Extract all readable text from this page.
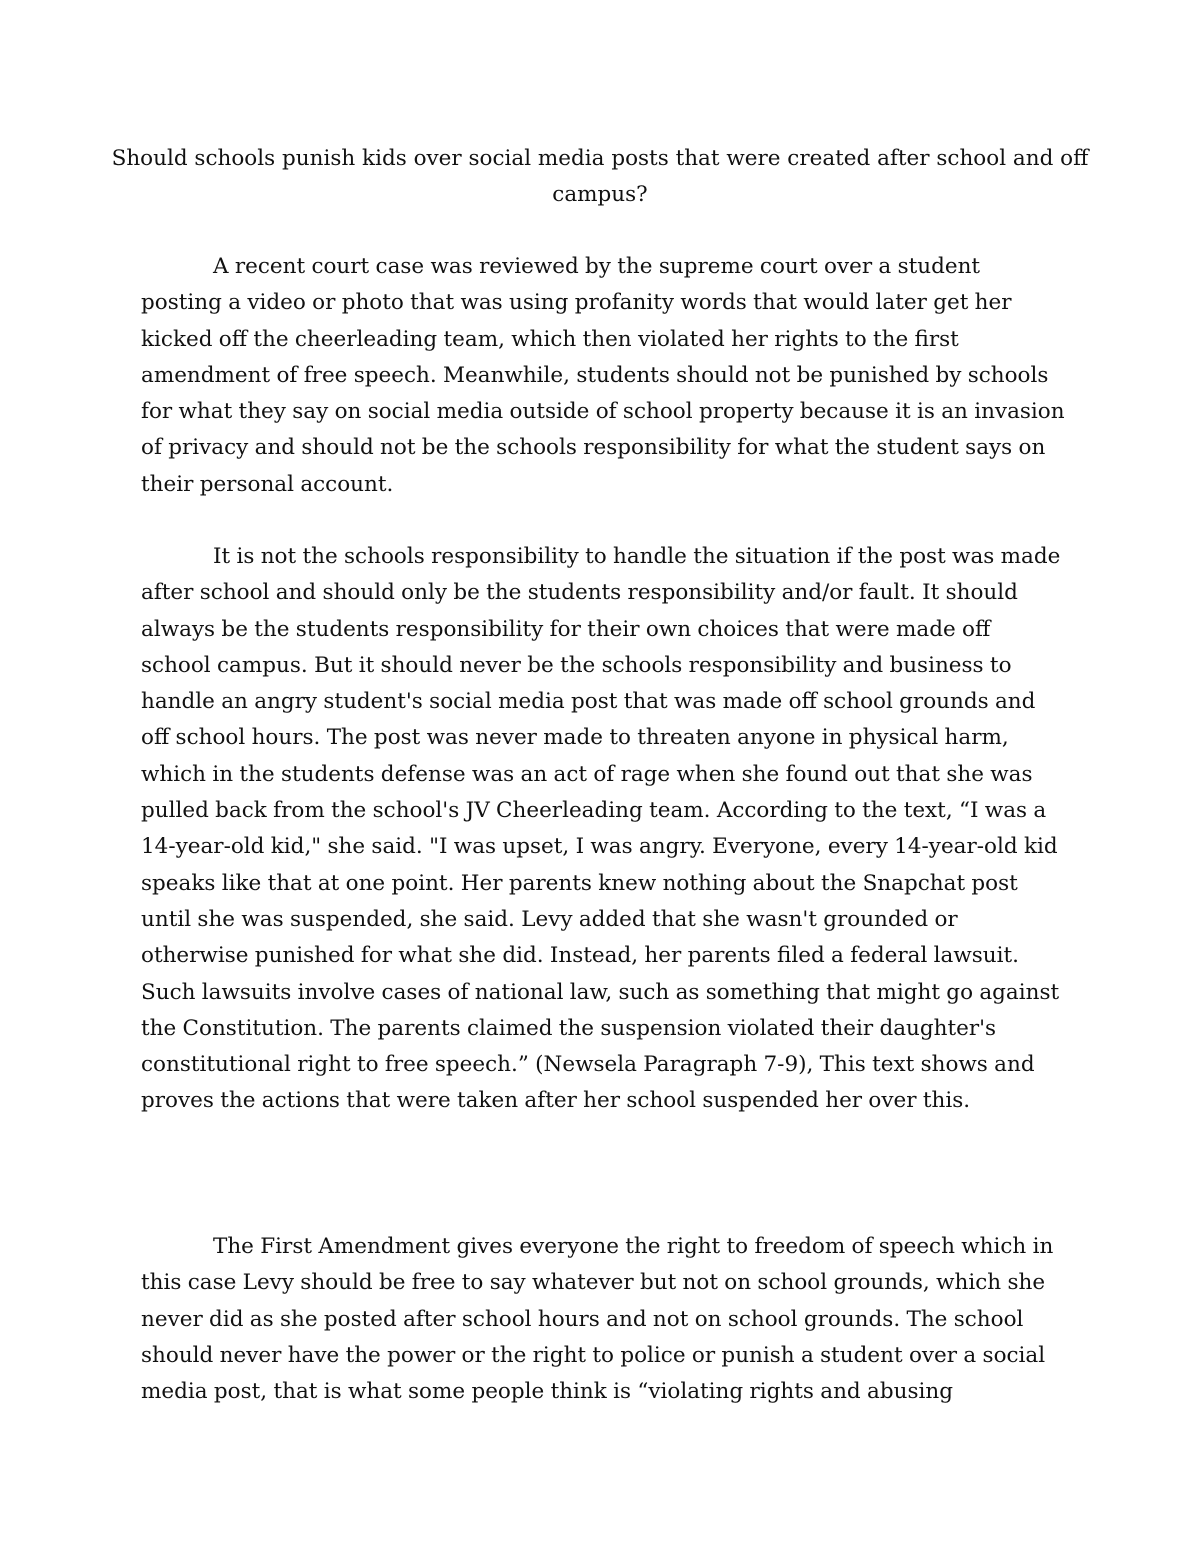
Should schools punish kids over social media posts that were created after school and off campus?

A recent court case was reviewed by the supreme court over a student posting a video or photo that was using profanity words that would later get her kicked off the cheerleading team, which then violated her rights to the first amendment of free speech. Meanwhile, students should not be punished by schools for what they say on social media outside of school property because it is an invasion of privacy and should not be the schools responsibility for what the student says on their personal account.

It is not the schools responsibility to handle the situation if the post was made after school and should only be the students responsibility and/or fault. It should always be the students responsibility for their own choices that were made off school campus. But it should never be the schools responsibility and business to handle an angry student's social media post that was made off school grounds and off school hours. The post was never made to threaten anyone in physical harm, which in the students defense was an act of rage when she found out that she was pulled back from the school's JV Cheerleading team. According to the text, “I was a 14-year-old kid," she said. "I was upset, I was angry. Everyone, every 14-year-old kid speaks like that at one point. Her parents knew nothing about the Snapchat post until she was suspended, she said. Levy added that she wasn't grounded or otherwise punished for what she did. Instead, her parents filed a federal lawsuit. Such lawsuits involve cases of national law, such as something that might go against the Constitution. The parents claimed the suspension violated their daughter's constitutional right to free speech.” (Newsela Paragraph 7-9), This text shows and proves the actions that were taken after her school suspended her over this.

The First Amendment gives everyone the right to freedom of speech which in this case Levy should be free to say whatever but not on school grounds, which she never did as she posted after school hours and not on school grounds. The school should never have the power or the right to police or punish a student over a social media post, that is what some people think is “violating rights and abusing
